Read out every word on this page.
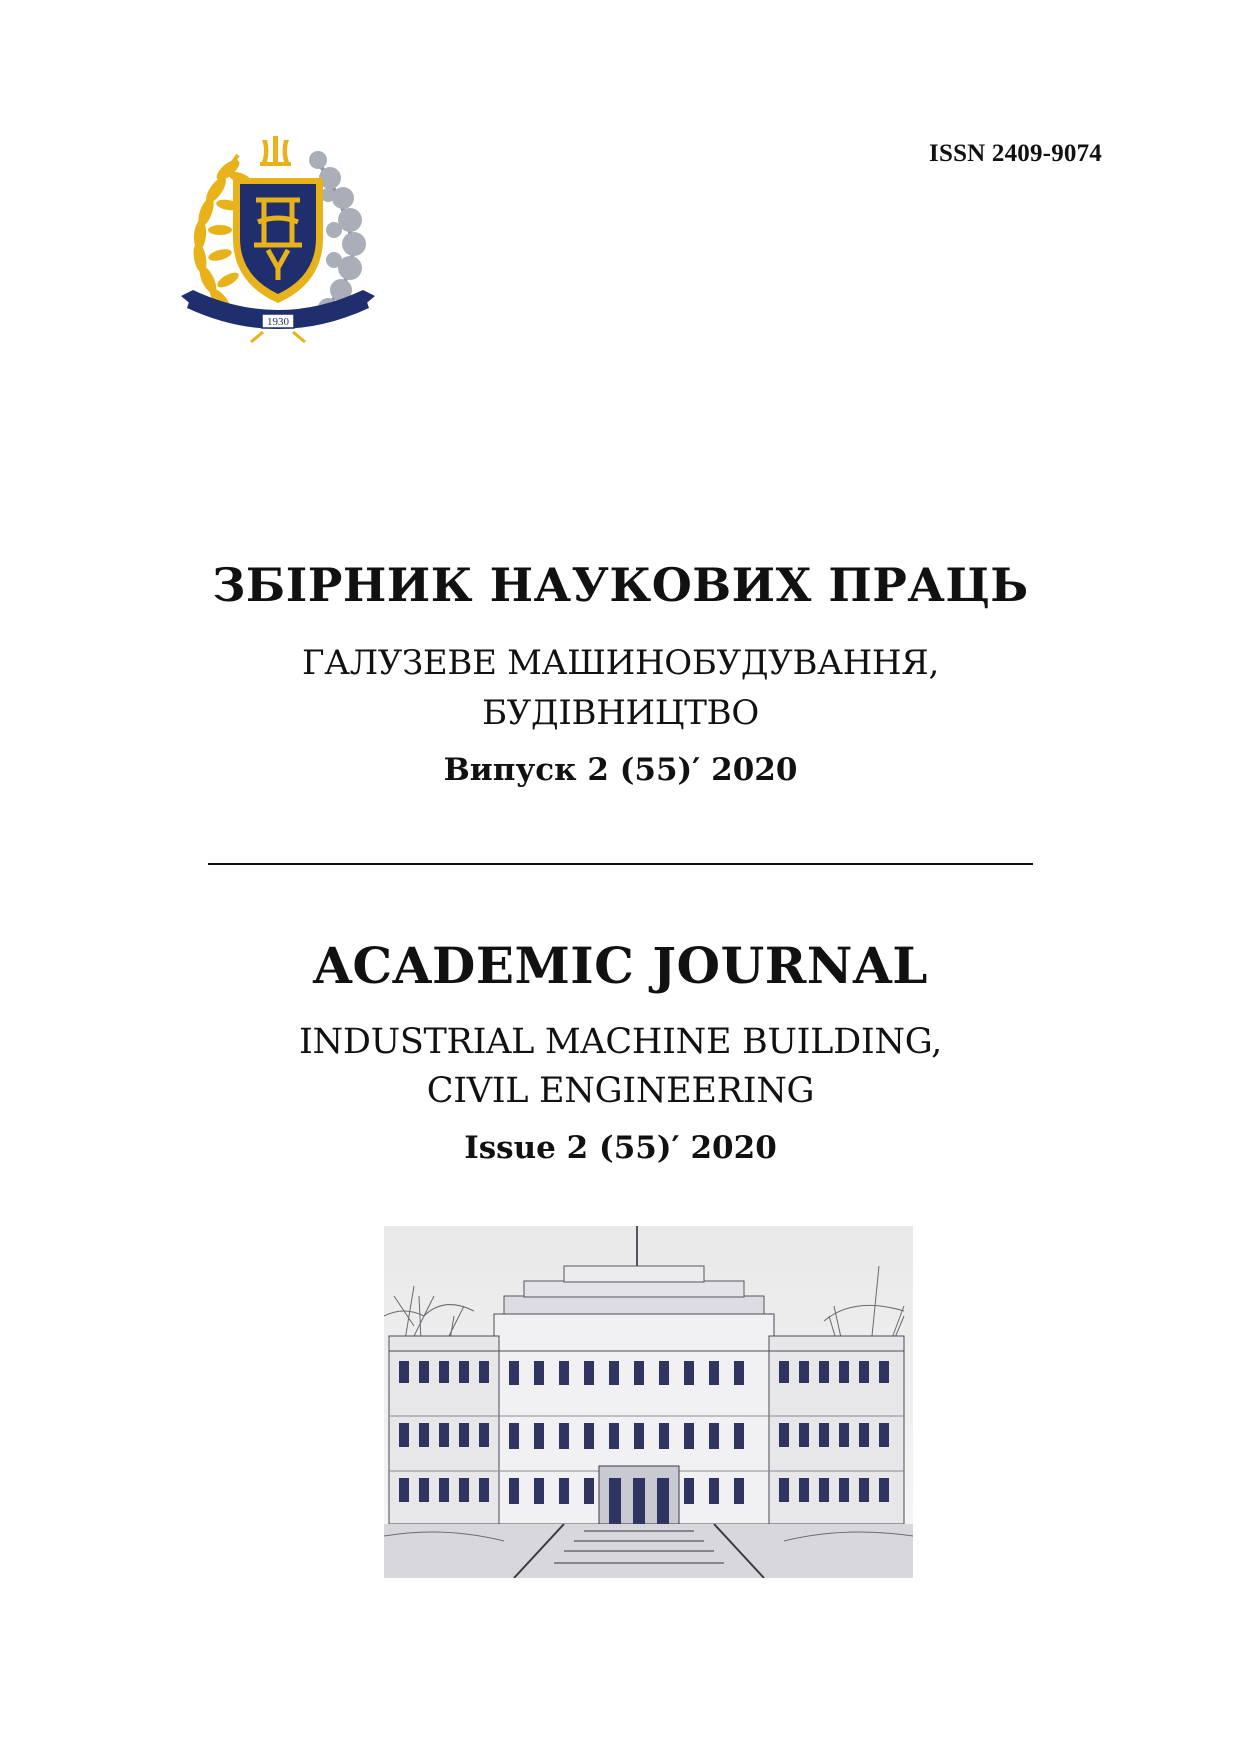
1930
ISSN 2409-9074
ЗБІРНИК НАУКОВИХ ПРАЦЬ
ГАЛУЗЕВЕ МАШИНОБУДУВАННЯ,
БУДІВНИЦТВО
Випуск 2 (55)′ 2020
ACADEMIC JOURNAL
INDUSTRIAL MACHINE BUILDING,
CIVIL ENGINEERING
Issue 2 (55)′ 2020
